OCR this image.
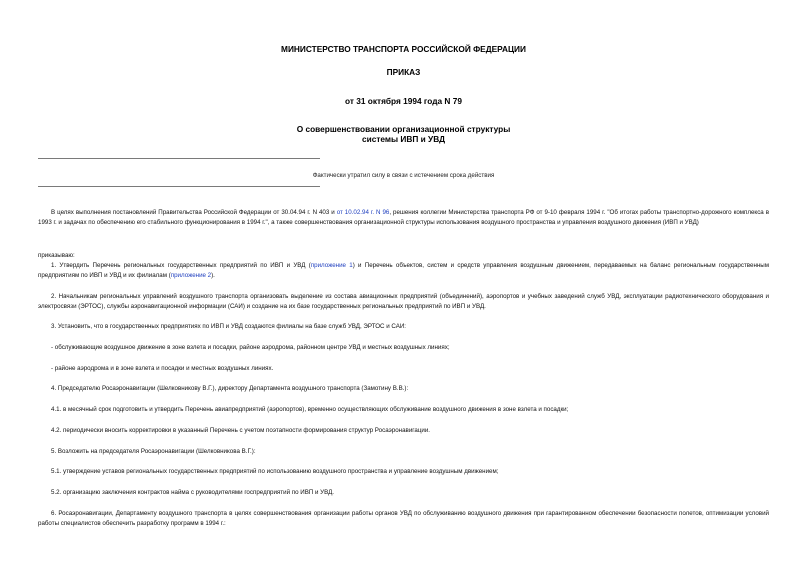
МИНИСТЕРСТВО ТРАНСПОРТА РОССИЙСКОЙ ФЕДЕРАЦИИ
ПРИКАЗ
от 31 октября 1994 года N 79
О совершенствовании организационной структуры
системы ИВП и УВД
Фактически утратил силу в связи с истечением срока действия
В целях выполнения постановлений Правительства Российской Федерации от 30.04.94 г. N 403 и от 10.02.94 г. N 96, решения коллегии Министерства транспорта РФ от 9-10 февраля 1994 г. "Об итогах работы транспортно-дорожного комплекса в 1993 г. и задачах по обеспечению его стабильного функционирования в 1994 г.", а также совершенствования организационной структуры использования воздушного пространства и управления воздушного движения (ИВП и УВД)
приказываю:
1. Утвердить Перечень региональных государственных предприятий по ИВП и УВД (приложение 1) и Перечень объектов, систем и средств управления воздушным движением, передаваемых на баланс региональным государственным предприятиям по ИВП и УВД и их филиалам (приложение 2).
2. Начальникам региональных управлений воздушного транспорта организовать выделение из состава авиационных предприятий (объединений), аэропортов и учебных заведений служб УВД, эксплуатации радиотехнического оборудования и электросвязи (ЭРТОС), службы аэронавигационной информации (САИ) и создание на их базе государственных региональных предприятий по ИВП и УВД.
3. Установить, что в государственных предприятиях по ИВП и УВД создаются филиалы на базе служб УВД, ЭРТОС и САИ:
- обслуживающие воздушное движение в зоне взлета и посадки, районе аэродрома, районном центре УВД и местных воздушных линиях;
- районе аэродрома и в зоне взлета и посадки и местных воздушных линиях.
4. Председателю Росаэронавигации (Шелковникову В.Г.), директору Департамента воздушного транспорта (Замотину В.В.):
4.1. в месячный срок подготовить и утвердить Перечень авиапредприятий (аэропортов), временно осуществляющих обслуживание воздушного движения в зоне взлета и посадки;
4.2. периодически вносить корректировки в указанный Перечень с учетом поэтапности формирования структур Росаэронавигации.
5. Возложить на председателя Росаэронавигации (Шелковникова В.Г.):
5.1. утверждение уставов региональных государственных предприятий по использованию воздушного пространства и управление воздушным движением;
5.2. организацию заключения контрактов найма с руководителями госпредприятий по ИВП и УВД.
6. Росаэронавигации, Департаменту воздушного транспорта в целях совершенствования организации работы органов УВД по обслуживанию воздушного движения при гарантированном обеспечении безопасности полетов, оптимизации условий работы специалистов обеспечить разработку программ в 1994 г.:
